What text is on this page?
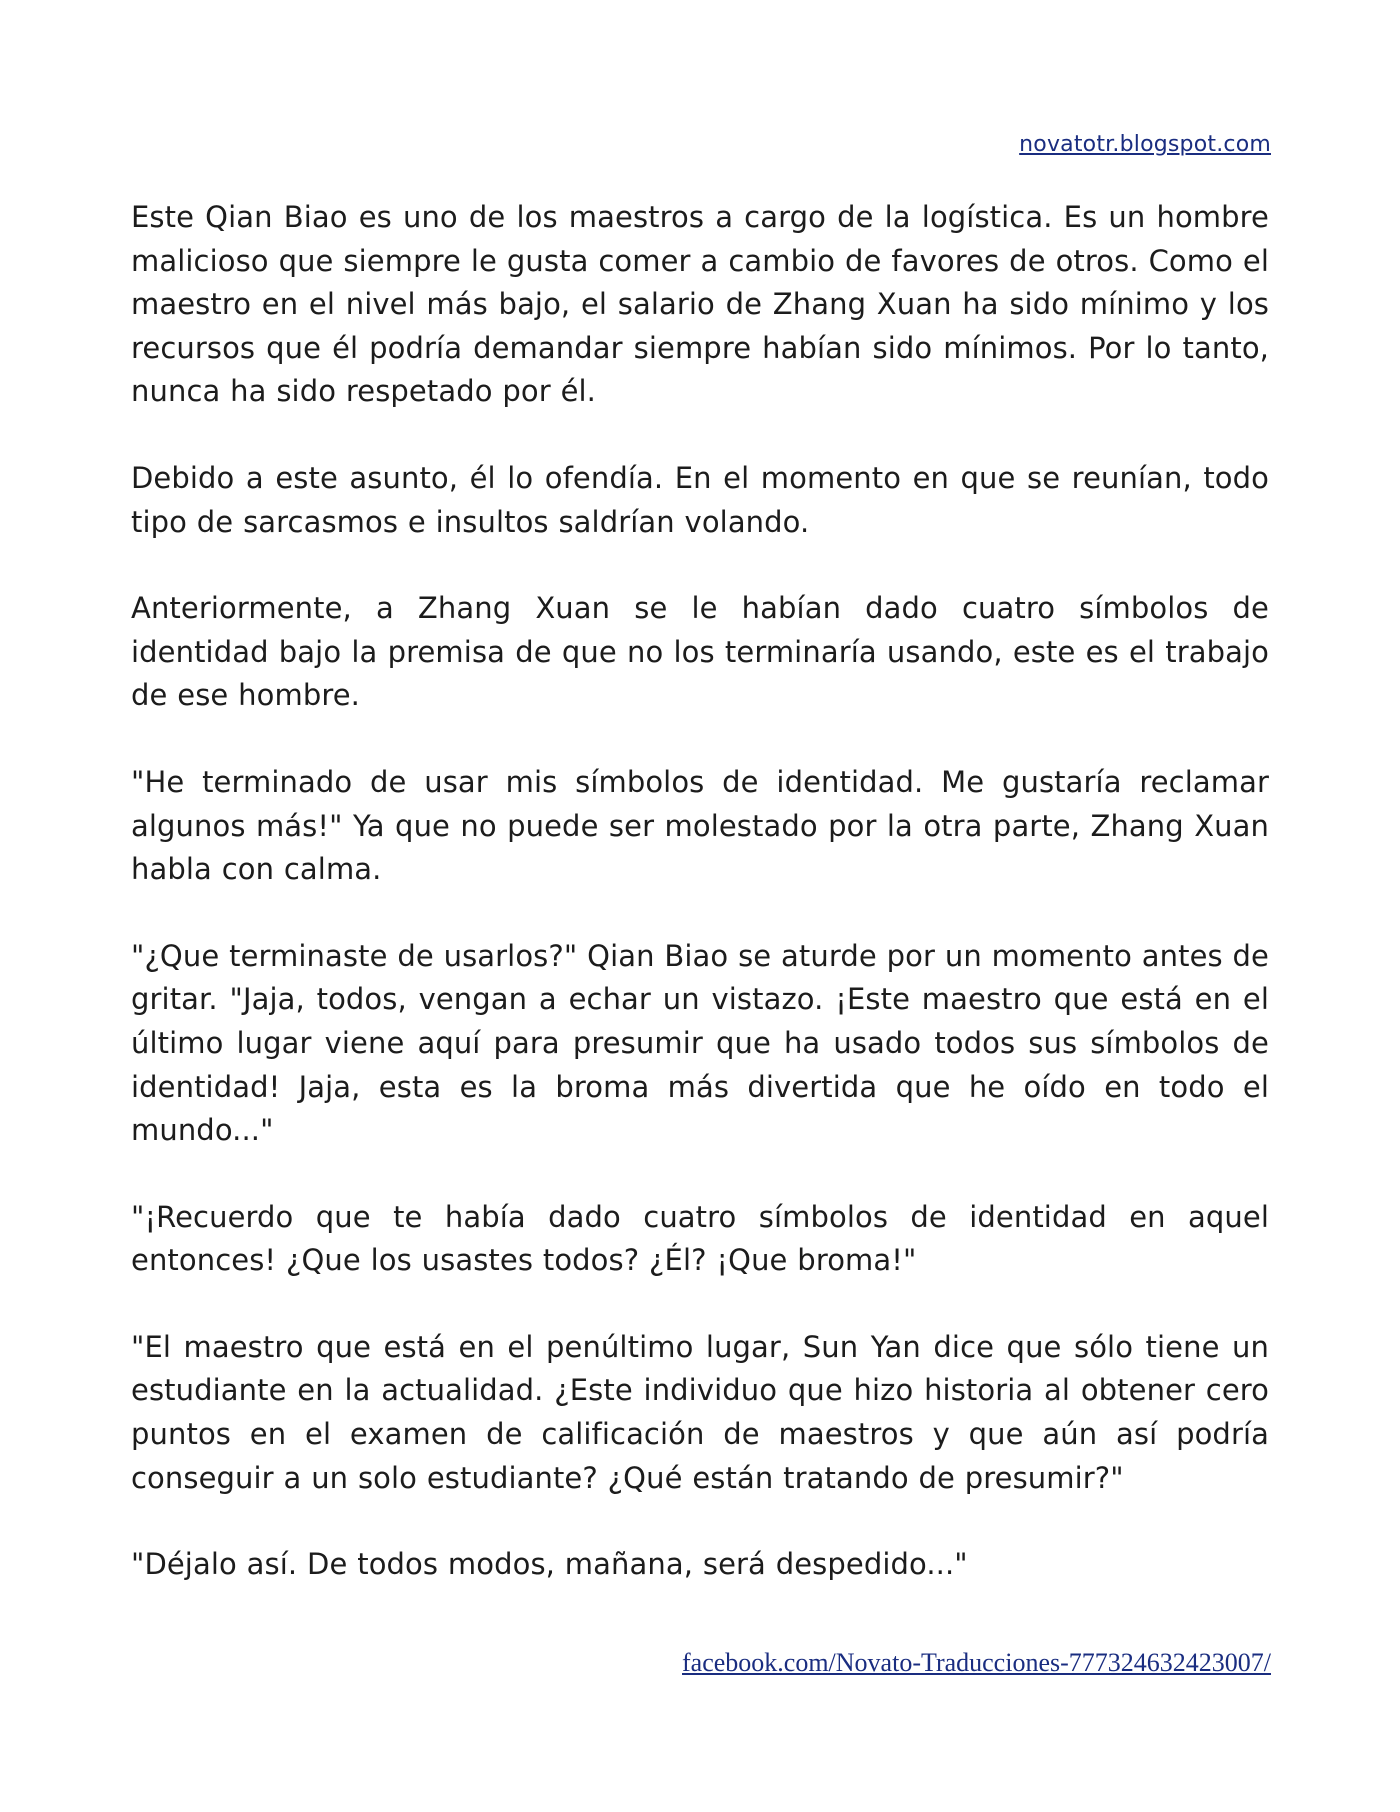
novatotr.blogspot.com

Este Qian Biao es uno de los maestros a cargo de la logística. Es un hombre malicioso que siempre le gusta comer a cambio de favores de otros. Como el maestro en el nivel más bajo, el salario de Zhang Xuan ha sido mínimo y los recursos que él podría demandar siempre habían sido mínimos. Por lo tanto, nunca ha sido respetado por él.

Debido a este asunto, él lo ofendía. En el momento en que se reunían, todo tipo de sarcasmos e insultos saldrían volando.

Anteriormente, a Zhang Xuan se le habían dado cuatro símbolos de identidad bajo la premisa de que no los terminaría usando, este es el trabajo de ese hombre.

"He terminado de usar mis símbolos de identidad. Me gustaría reclamar algunos más!" Ya que no puede ser molestado por la otra parte, Zhang Xuan habla con calma.

"¿Que terminaste de usarlos?" Qian Biao se aturde por un momento antes de gritar. "Jaja, todos, vengan a echar un vistazo. ¡Este maestro que está en el último lugar viene aquí para presumir que ha usado todos sus símbolos de identidad! Jaja, esta es la broma más divertida que he oído en todo el mundo..."

"¡Recuerdo que te había dado cuatro símbolos de identidad en aquel entonces! ¿Que los usastes todos? ¿Él? ¡Que broma!"

"El maestro que está en el penúltimo lugar, Sun Yan dice que sólo tiene un estudiante en la actualidad. ¿Este individuo que hizo historia al obtener cero puntos en el examen de calificación de maestros y que aún así podría conseguir a un solo estudiante? ¿Qué están tratando de presumir?"

"Déjalo así. De todos modos, mañana, será despedido..."

facebook.com/Novato-Traducciones-777324632423007/
